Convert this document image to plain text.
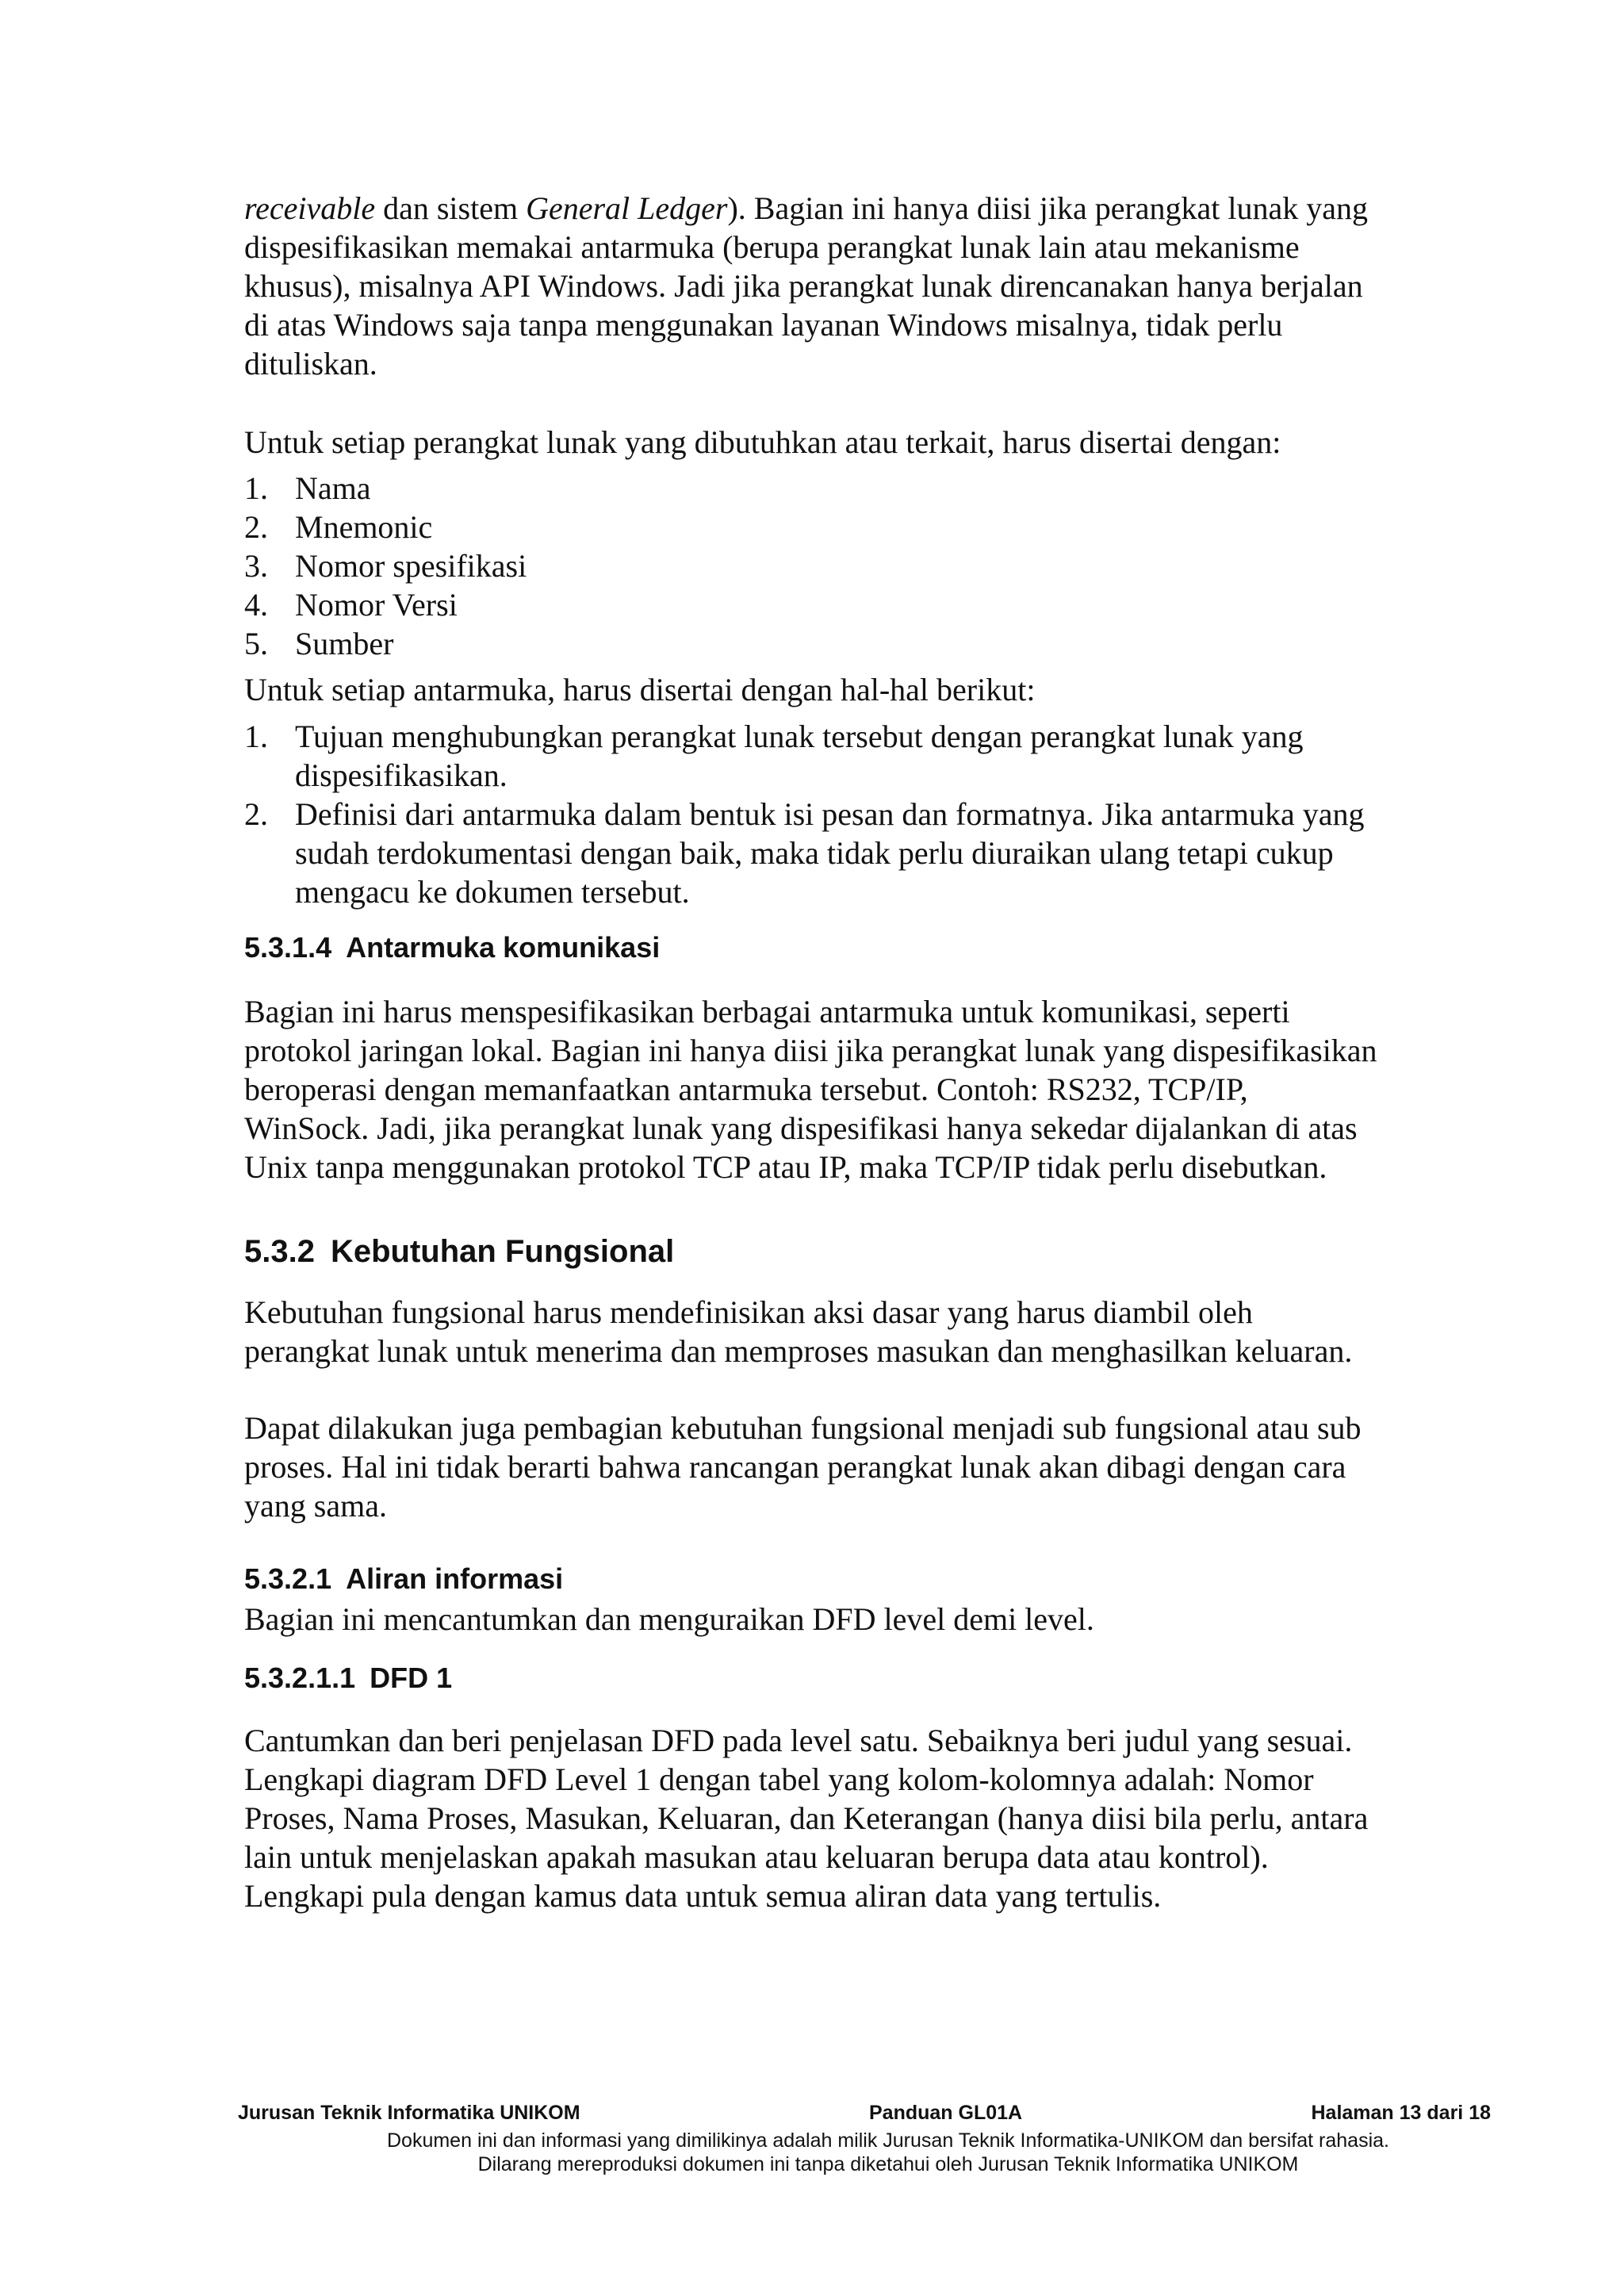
receivable dan sistem General Ledger). Bagian ini hanya diisi jika perangkat lunak yang dispesifikasikan memakai antarmuka (berupa perangkat lunak lain atau mekanisme khusus), misalnya API Windows. Jadi jika perangkat lunak direncanakan hanya berjalan di atas Windows saja tanpa menggunakan layanan Windows misalnya, tidak perlu dituliskan.

Untuk setiap perangkat lunak yang dibutuhkan atau terkait, harus disertai dengan:

1. Nama
2. Mnemonic
3. Nomor spesifikasi
4. Nomor Versi
5. Sumber

Untuk setiap antarmuka, harus disertai dengan hal-hal berikut:

1. Tujuan menghubungkan perangkat lunak tersebut dengan perangkat lunak yang dispesifikasikan.
2. Definisi dari antarmuka dalam bentuk isi pesan dan formatnya. Jika antarmuka yang sudah terdokumentasi dengan baik, maka tidak perlu diuraikan ulang tetapi cukup mengacu ke dokumen tersebut.
5.3.1.4 Antarmuka komunikasi

Bagian ini harus menspesifikasikan berbagai antarmuka untuk komunikasi, seperti protokol jaringan lokal. Bagian ini hanya diisi jika perangkat lunak yang dispesifikasikan beroperasi dengan memanfaatkan antarmuka tersebut. Contoh: RS232, TCP/IP, WinSock. Jadi, jika perangkat lunak yang dispesifikasi hanya sekedar dijalankan di atas Unix tanpa menggunakan protokol TCP atau IP, maka TCP/IP tidak perlu disebutkan.

5.3.2 Kebutuhan Fungsional

Kebutuhan fungsional harus mendefinisikan aksi dasar yang harus diambil oleh perangkat lunak untuk menerima dan memproses masukan dan menghasilkan keluaran.

Dapat dilakukan juga pembagian kebutuhan fungsional menjadi sub fungsional atau sub proses. Hal ini tidak berarti bahwa rancangan perangkat lunak akan dibagi dengan cara yang sama.

5.3.2.1 Aliran informasi

Bagian ini mencantumkan dan menguraikan DFD level demi level.

5.3.2.1.1 DFD 1

Cantumkan dan beri penjelasan DFD pada level satu. Sebaiknya beri judul yang sesuai. Lengkapi diagram DFD Level 1 dengan tabel yang kolom-kolomnya adalah: Nomor Proses, Nama Proses, Masukan, Keluaran, dan Keterangan (hanya diisi bila perlu, antara lain untuk menjelaskan apakah masukan atau keluaran berupa data atau kontrol). Lengkapi pula dengan kamus data untuk semua aliran data yang tertulis.

Jurusan Teknik Informatika UNIKOM	Panduan GL01A	Halaman 13 dari 18
Dokumen ini dan informasi yang dimilikinya adalah milik Jurusan Teknik Informatika-UNIKOM dan bersifat rahasia.
Dilarang mereproduksi dokumen ini tanpa diketahui oleh Jurusan Teknik Informatika UNIKOM
